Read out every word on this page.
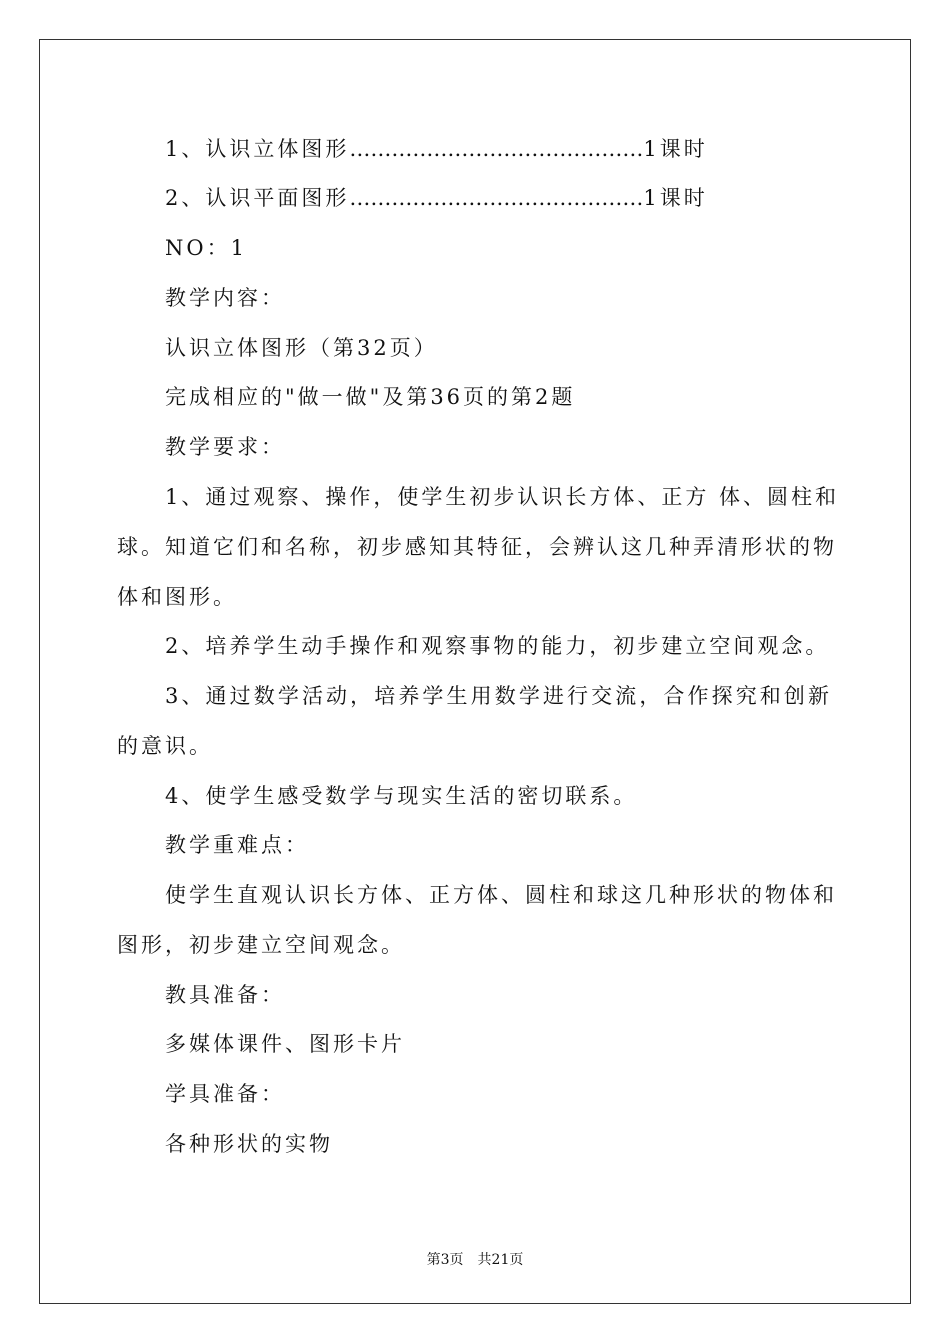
1、认识立体图形……………………………………1课时
2、认识平面图形……………………………………1课时
NO：1
教学内容：
认识立体图形（第32页）
完成相应的"做一做"及第36页的第2题
教学要求：
1、通过观察、操作，使学生初步认识长方体、正方 体、圆柱和
球。知道它们和名称，初步感知其特征，会辨认这几种弄清形状的物
体和图形。
2、培养学生动手操作和观察事物的能力，初步建立空间观念。
3、通过数学活动，培养学生用数学进行交流，合作探究和创新
的意识。
4、使学生感受数学与现实生活的密切联系。
教学重难点：
使学生直观认识长方体、正方体、圆柱和球这几种形状的物体和
图形，初步建立空间观念。
教具准备：
多媒体课件、图形卡片
学具准备：
各种形状的实物
第3页　共21页
